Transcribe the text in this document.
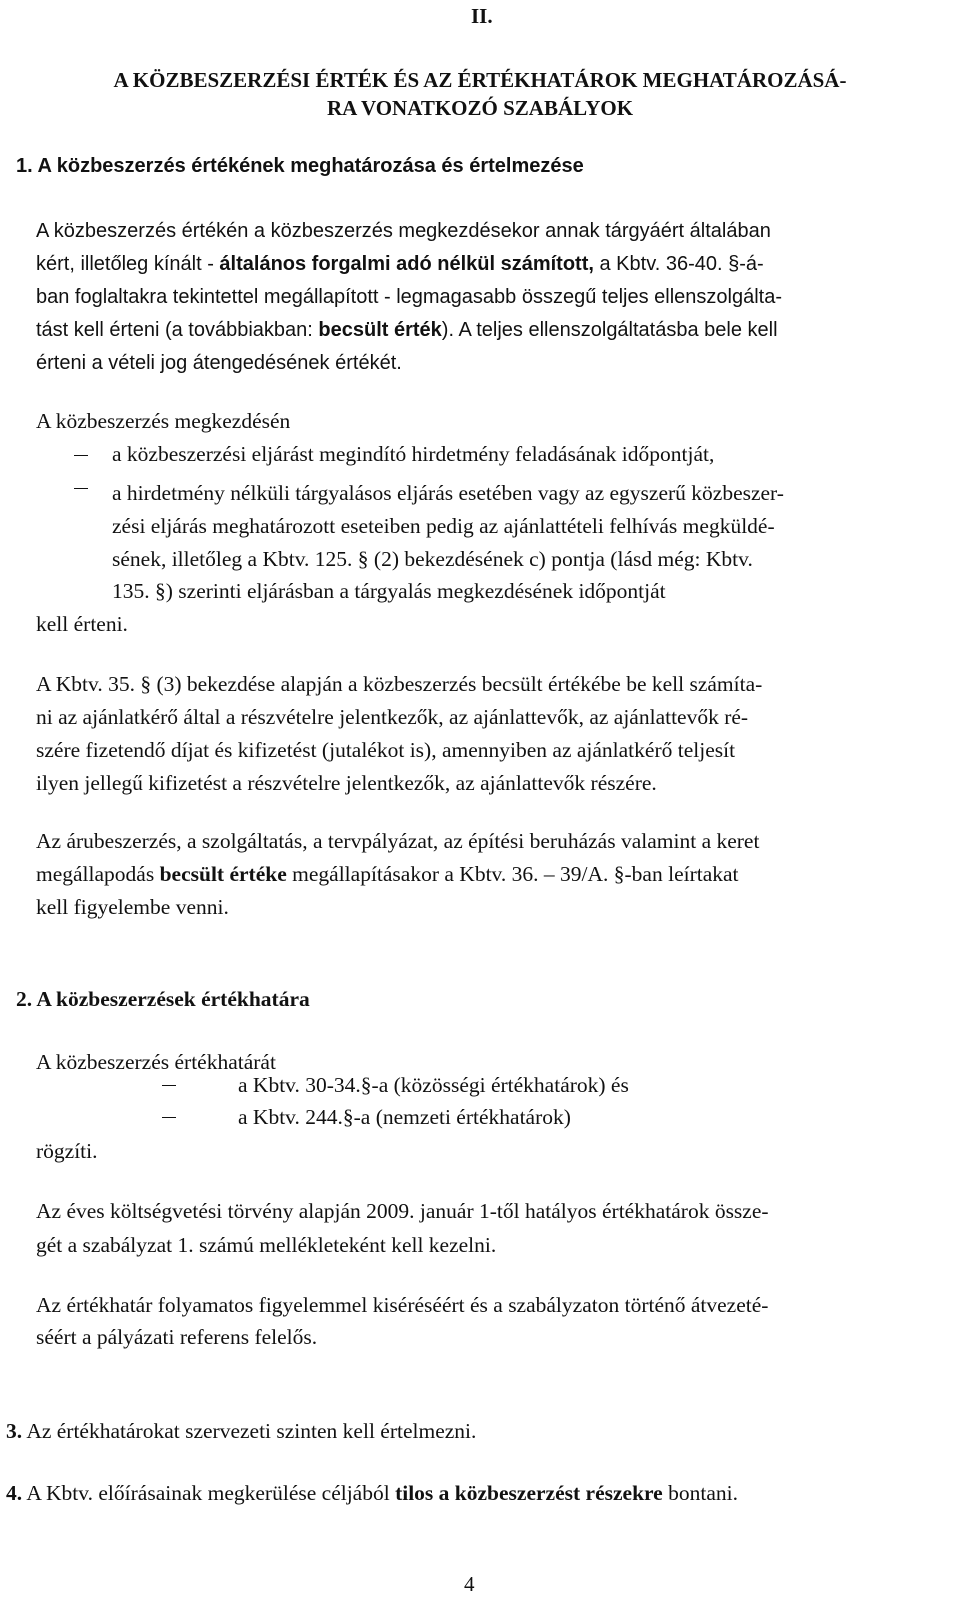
II.
A KÖZBESZERZÉSI ÉRTÉK ÉS AZ ÉRTÉKHATÁROK MEGHATÁROZÁSÁ-
RA VONATKOZÓ SZABÁLYOK
1. A közbeszerzés értékének meghatározása és értelmezése
A közbeszerzés értékén a közbeszerzés megkezdésekor annak tárgyáért általában
kért, illetőleg kínált - általános forgalmi adó nélkül számított, a Kbtv. 36-40. §-á-
ban foglaltakra tekintettel megállapított - legmagasabb összegű teljes ellenszolgálta-
tást kell érteni (a továbbiakban: becsült érték). A teljes ellenszolgáltatásba bele kell
érteni a vételi jog átengedésének értékét.
A közbeszerzés megkezdésén
a közbeszerzési eljárást megindító hirdetmény feladásának időpontját,
a hirdetmény nélküli tárgyalásos eljárás esetében vagy az egyszerű közbeszer-
zési eljárás meghatározott eseteiben pedig az ajánlattételi felhívás megküldé-
sének, illetőleg a Kbtv. 125. § (2) bekezdésének c) pontja (lásd még: Kbtv.
135. §) szerinti eljárásban a tárgyalás megkezdésének időpontját
kell érteni.
A Kbtv. 35. § (3) bekezdése alapján a közbeszerzés becsült értékébe be kell számíta-
ni az ajánlatkérő által a részvételre jelentkezők, az ajánlattevők, az ajánlattevők ré-
szére fizetendő díjat és kifizetést (jutalékot is), amennyiben az ajánlatkérő teljesít
ilyen jellegű kifizetést a részvételre jelentkezők, az ajánlattevők részére.
Az árubeszerzés, a szolgáltatás, a tervpályázat, az építési beruházás valamint a keret
megállapodás becsült értéke megállapításakor a Kbtv. 36. – 39/A. §-ban leírtakat
kell figyelembe venni.
2. A közbeszerzések értékhatára
A közbeszerzés értékhatárát
a Kbtv. 30-34.§-a (közösségi értékhatárok) és
a Kbtv. 244.§-a (nemzeti értékhatárok)
rögzíti.
Az éves költségvetési törvény alapján 2009. január 1-től hatályos értékhatárok össze-
gét a szabályzat 1. számú mellékleteként kell kezelni.
Az értékhatár folyamatos figyelemmel kiséréséért és a szabályzaton történő átvezeté-
séért a pályázati referens felelős.
3. Az értékhatárokat szervezeti szinten kell értelmezni.
4. A Kbtv. előírásainak megkerülése céljából tilos a közbeszerzést részekre bontani.
4
